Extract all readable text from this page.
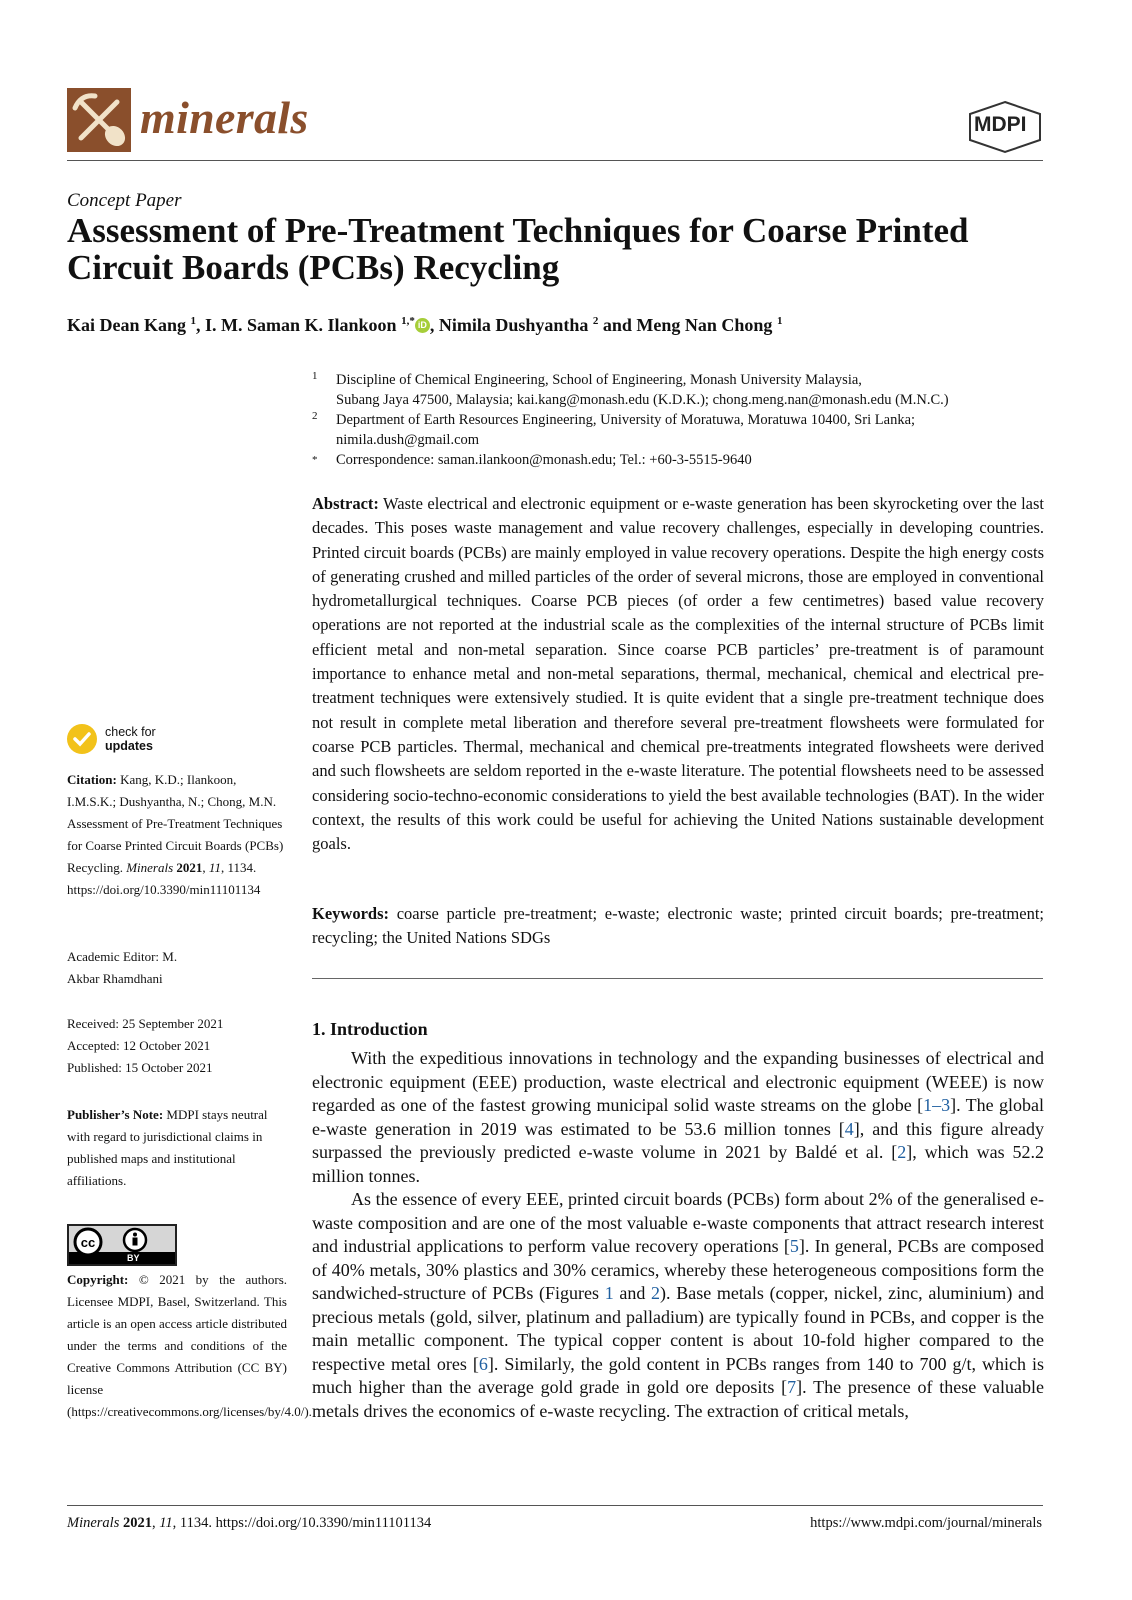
minerals	MDPI
Concept Paper
Assessment of Pre-Treatment Techniques for Coarse Printed
Circuit Boards (PCBs) Recycling
Kai Dean Kang $^1$, I. M. Saman K. Ilankoon $^{1,*}$ iD , Nimila Dushyantha $^2$ and Meng Nan Chong $^1$
1 Discipline of Chemical Engineering, School of Engineering, Monash University Malaysia,
Subang Jaya 47500, Malaysia; kai.kang@monash.edu (K.D.K.); chong.meng.nan@monash.edu (M.N.C.)
2 Department of Earth Resources Engineering, University of Moratuwa, Moratuwa 10400, Sri Lanka;
nimila.dush@gmail.com
* Correspondence: saman.ilankoon@monash.edu; Tel.: +60-3-5515-9640

Abstract: Waste electrical and electronic equipment or e-waste generation has been skyrocketing over the last decades. This poses waste management and value recovery challenges, especially in developing countries. Printed circuit boards (PCBs) are mainly employed in value recovery operations. Despite the high energy costs of generating crushed and milled particles of the order of several microns, those are employed in conventional hydrometallurgical techniques. Coarse PCB pieces (of order a few centimetres) based value recovery operations are not reported at the industrial scale as the complexities of the internal structure of PCBs limit efficient metal and non-metal separation. Since coarse PCB particles’ pre-treatment is of paramount importance to enhance metal and non-metal separations, thermal, mechanical, chemical and electrical pre-treatment techniques were extensively studied. It is quite evident that a single pre-treatment technique does not result in complete metal liberation and therefore several pre-treatment flowsheets were formulated for coarse PCB particles. Thermal, mechanical and chemical pre-treatments integrated flowsheets were derived and such flowsheets are seldom reported in the e-waste literature. The potential flowsheets need to be assessed considering socio-techno-economic considerations to yield the best available technologies (BAT). In the wider context, the results of this work could be useful for achieving the United Nations sustainable development goals.

Keywords: coarse particle pre-treatment; e-waste; electronic waste; printed circuit boards; pre-treatment; recycling; the United Nations SDGs

1. Introduction

With the expeditious innovations in technology and the expanding businesses of electrical and electronic equipment (EEE) production, waste electrical and electronic equipment (WEEE) is now regarded as one of the fastest growing municipal solid waste streams on the globe [1–3]. The global e-waste generation in 2019 was estimated to be 53.6 million tonnes [4], and this figure already surpassed the previously predicted e-waste volume in 2021 by Baldé et al. [2], which was 52.2 million tonnes.

As the essence of every EEE, printed circuit boards (PCBs) form about 2% of the generalised e-waste composition and are one of the most valuable e-waste components that attract research interest and industrial applications to perform value recovery operations [5]. In general, PCBs are composed of 40% metals, 30% plastics and 30% ceramics, whereby these heterogeneous compositions form the sandwiched-structure of PCBs (Figures 1 and 2). Base metals (copper, nickel, zinc, aluminium) and precious metals (gold, silver, platinum and palladium) are typically found in PCBs, and copper is the main metallic component. The typical copper content is about 10-fold higher compared to the respective metal ores [6]. Similarly, the gold content in PCBs ranges from 140 to 700 g/t, which is much higher than the average gold grade in gold ore deposits [7]. The presence of these valuable metals drives the economics of e-waste recycling. The extraction of critical metals,

check for
updates
Citation: Kang, K.D.; Ilankoon, I.M.S.K.; Dushyantha, N.; Chong, M.N. Assessment of Pre-Treatment Techniques for Coarse Printed Circuit Boards (PCBs) Recycling. Minerals 2021, 11, 1134. https://doi.org/10.3390/min11101134
Academic Editor: M. Akbar Rhamdhani
Received: 25 September 2021
Accepted: 12 October 2021
Published: 15 October 2021
Publisher’s Note: MDPI stays neutral with regard to jurisdictional claims in published maps and institutional affiliations.
cc
BY
Copyright: © 2021 by the authors. Licensee MDPI, Basel, Switzerland. This article is an open access article distributed under the terms and conditions of the Creative Commons Attribution (CC BY) license (https://creativecommons.org/licenses/by/4.0/).
Minerals 2021, 11, 1134. https://doi.org/10.3390/min11101134	https://www.mdpi.com/journal/minerals
